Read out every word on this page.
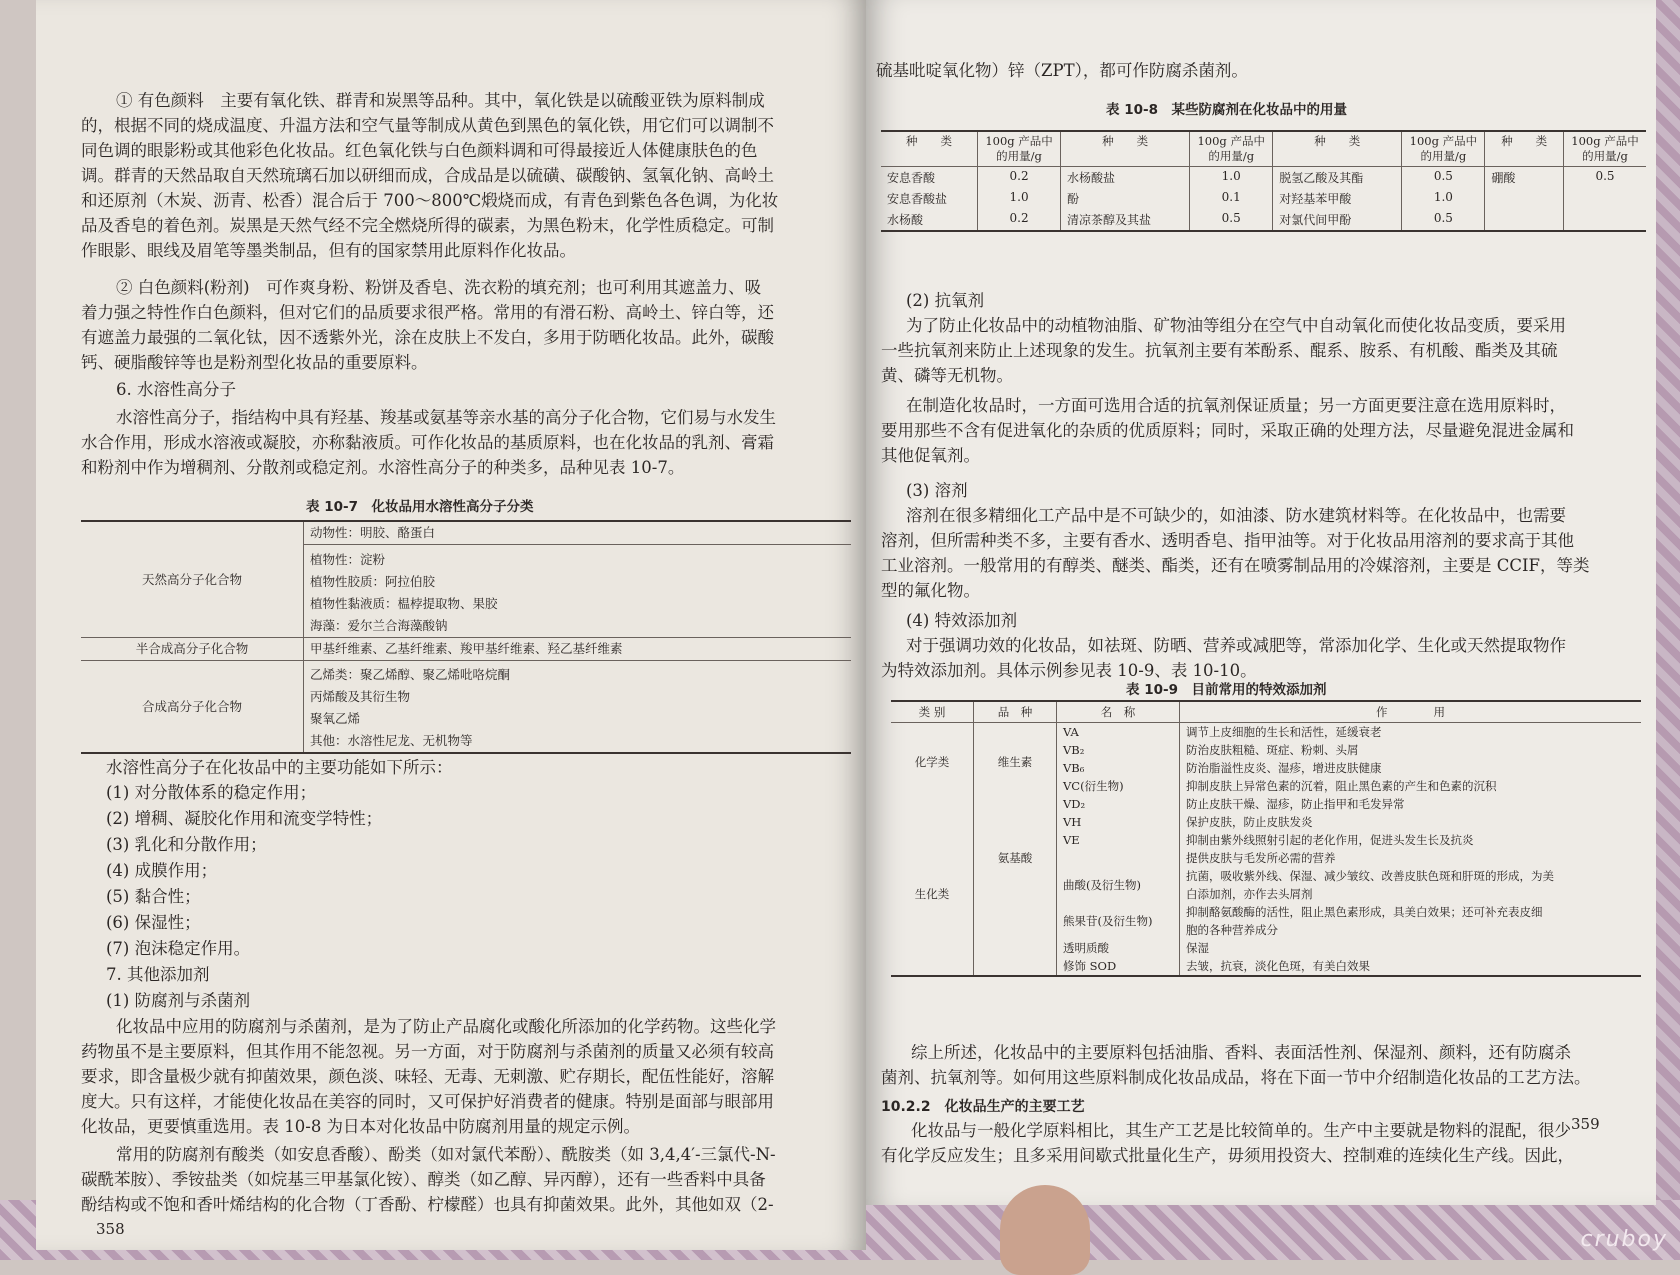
① 有色颜料　主要有氧化铁、群青和炭黑等品种。其中，氧化铁是以硫酸亚铁为原料制成
的，根据不同的烧成温度、升温方法和空气量等制成从黄色到黑色的氧化铁，用它们可以调制不
同色调的眼影粉或其他彩色化妆品。红色氧化铁与白色颜料调和可得最接近人体健康肤色的色
调。群青的天然品取自天然琉璃石加以研细而成，合成品是以硫磺、碳酸钠、氢氧化钠、高岭土
和还原剂（木炭、沥青、松香）混合后于 700～800℃煅烧而成，有青色到紫色各色调，为化妆
品及香皂的着色剂。炭黑是天然气经不完全燃烧所得的碳素，为黑色粉末，化学性质稳定。可制
作眼影、眼线及眉笔等墨类制品，但有的国家禁用此原料作化妆品。
② 白色颜料(粉剂)　可作爽身粉、粉饼及香皂、洗衣粉的填充剂；也可利用其遮盖力、吸
着力强之特性作白色颜料，但对它们的品质要求很严格。常用的有滑石粉、高岭土、锌白等，还
有遮盖力最强的二氧化钛，因不透紫外光，涂在皮肤上不发白，多用于防晒化妆品。此外，碳酸
钙、硬脂酸锌等也是粉剂型化妆品的重要原料。
6. 水溶性高分子
水溶性高分子，指结构中具有羟基、羧基或氨基等亲水基的高分子化合物，它们易与水发生
水合作用，形成水溶液或凝胶，亦称黏液质。可作化妆品的基质原料，也在化妆品的乳剂、膏霜
和粉剂中作为增稠剂、分散剂或稳定剂。水溶性高分子的种类多，品种见表 10-7。
表 10-7　化妆品用水溶性高分子分类
天然高分子化合物	动物性：明胶、酪蛋白
	植物性：淀粉
	植物性胶质：阿拉伯胶
	植物性黏液质：榅桲提取物、果胶
	海藻：爱尔兰合海藻酸钠
半合成高分子化合物	甲基纤维素、乙基纤维素、羧甲基纤维素、羟乙基纤维素
合成高分子化合物	乙烯类：聚乙烯醇、聚乙烯吡咯烷酮
	丙烯酸及其衍生物
	聚氧乙烯
	其他：水溶性尼龙、无机物等
水溶性高分子在化妆品中的主要功能如下所示：
(1) 对分散体系的稳定作用；
(2) 增稠、凝胶化作用和流变学特性；
(3) 乳化和分散作用；
(4) 成膜作用；
(5) 黏合性；
(6) 保湿性；
(7) 泡沫稳定作用。
7. 其他添加剂
(1) 防腐剂与杀菌剂
化妆品中应用的防腐剂与杀菌剂，是为了防止产品腐化或酸化所添加的化学药物。这些化学
药物虽不是主要原料，但其作用不能忽视。另一方面，对于防腐剂与杀菌剂的质量又必须有较高
要求，即含量极少就有抑菌效果，颜色淡、味轻、无毒、无刺激、贮存期长，配伍性能好，溶解
度大。只有这样，才能使化妆品在美容的同时，又可保护好消费者的健康。特别是面部与眼部用
化妆品，更要慎重选用。表 10-8 为日本对化妆品中防腐剂用量的规定示例。
常用的防腐剂有酸类（如安息香酸）、酚类（如对氯代苯酚）、酰胺类（如 3,4,4′-三氯代-N-
碳酰苯胺）、季铵盐类（如烷基三甲基氯化铵）、醇类（如乙醇、异丙醇），还有一些香料中具备
酚结构或不饱和香叶烯结构的化合物（丁香酚、柠檬醛）也具有抑菌效果。此外，其他如双（2-
358
硫基吡啶氧化物）锌（ZPT），都可作防腐杀菌剂。
表 10-8　某些防腐剂在化妆品中的用量
种　　类	100g 产品中的用量/g	种　　类	100g 产品中的用量/g	种　　类	100g 产品中的用量/g	种　　类	100g 产品中的用量/g
安息香酸	0.2	水杨酸盐	1.0	脱氢乙酸及其酯	0.5	硼酸	0.5
安息香酸盐	1.0	酚	0.1	对羟基苯甲酸	1.0		
水杨酸	0.2	清凉茶醇及其盐	0.5	对氯代间甲酚	0.5		
(2) 抗氧剂
为了防止化妆品中的动植物油脂、矿物油等组分在空气中自动氧化而使化妆品变质，要采用
一些抗氧剂来防止上述现象的发生。抗氧剂主要有苯酚系、醌系、胺系、有机酸、酯类及其硫
黄、磷等无机物。
在制造化妆品时，一方面可选用合适的抗氧剂保证质量；另一方面更要注意在选用原料时，
要用那些不含有促进氧化的杂质的优质原料；同时，采取正确的处理方法，尽量避免混进金属和
其他促氧剂。
(3) 溶剂
溶剂在很多精细化工产品中是不可缺少的，如油漆、防水建筑材料等。在化妆品中，也需要
溶剂，但所需种类不多，主要有香水、透明香皂、指甲油等。对于化妆品用溶剂的要求高于其他
工业溶剂。一般常用的有醇类、醚类、酯类，还有在喷雾制品用的冷媒溶剂，主要是 CCIF，等类
型的氟化物。
(4) 特效添加剂
对于强调功效的化妆品，如祛斑、防晒、营养或减肥等，常添加化学、生化或天然提取物作
为特效添加剂。具体示例参见表 10-9、表 10-10。
表 10-9　目前常用的特效添加剂
类 别	品　种	名　称	作　　　　用
化学类	维生素	VA	调节上皮细胞的生长和活性，延缓衰老
		VB₂	防治皮肤粗糙、斑症、粉刺、头屑
		VB₆	防治脂溢性皮炎、湿疹，增进皮肤健康
		VC(衍生物)	抑制皮肤上异常色素的沉着，阻止黑色素的产生和色素的沉积
		VD₂	防止皮肤干燥、湿疹，防止指甲和毛发异常
		VH	保护皮肤，防止皮肤发炎
		VE	抑制由紫外线照射引起的老化作用，促进头发生长及抗炎
	氨基酸		提供皮肤与毛发所必需的营养
生化类		曲酸(及衍生物)	抗菌，吸收紫外线、保湿、减少皱纹、改善皮肤色斑和肝斑的形成，为美
			白添加剂，亦作去头屑剂
		熊果苷(及衍生物)	抑制酪氨酸酶的活性，阻止黑色素形成，具美白效果；还可补充表皮细
			胞的各种营养成分
		透明质酸	保湿
		修饰 SOD	去皱，抗衰，淡化色斑，有美白效果
综上所述，化妆品中的主要原料包括油脂、香料、表面活性剂、保湿剂、颜料，还有防腐杀
菌剂、抗氧剂等。如何用这些原料制成化妆品成品，将在下面一节中介绍制造化妆品的工艺方法。
10.2.2　化妆品生产的主要工艺
化妆品与一般化学原料相比，其生产工艺是比较简单的。生产中主要就是物料的混配，很少
有化学反应发生；且多采用间歇式批量化生产，毋须用投资大、控制难的连续化生产线。因此，
359
cruboy
